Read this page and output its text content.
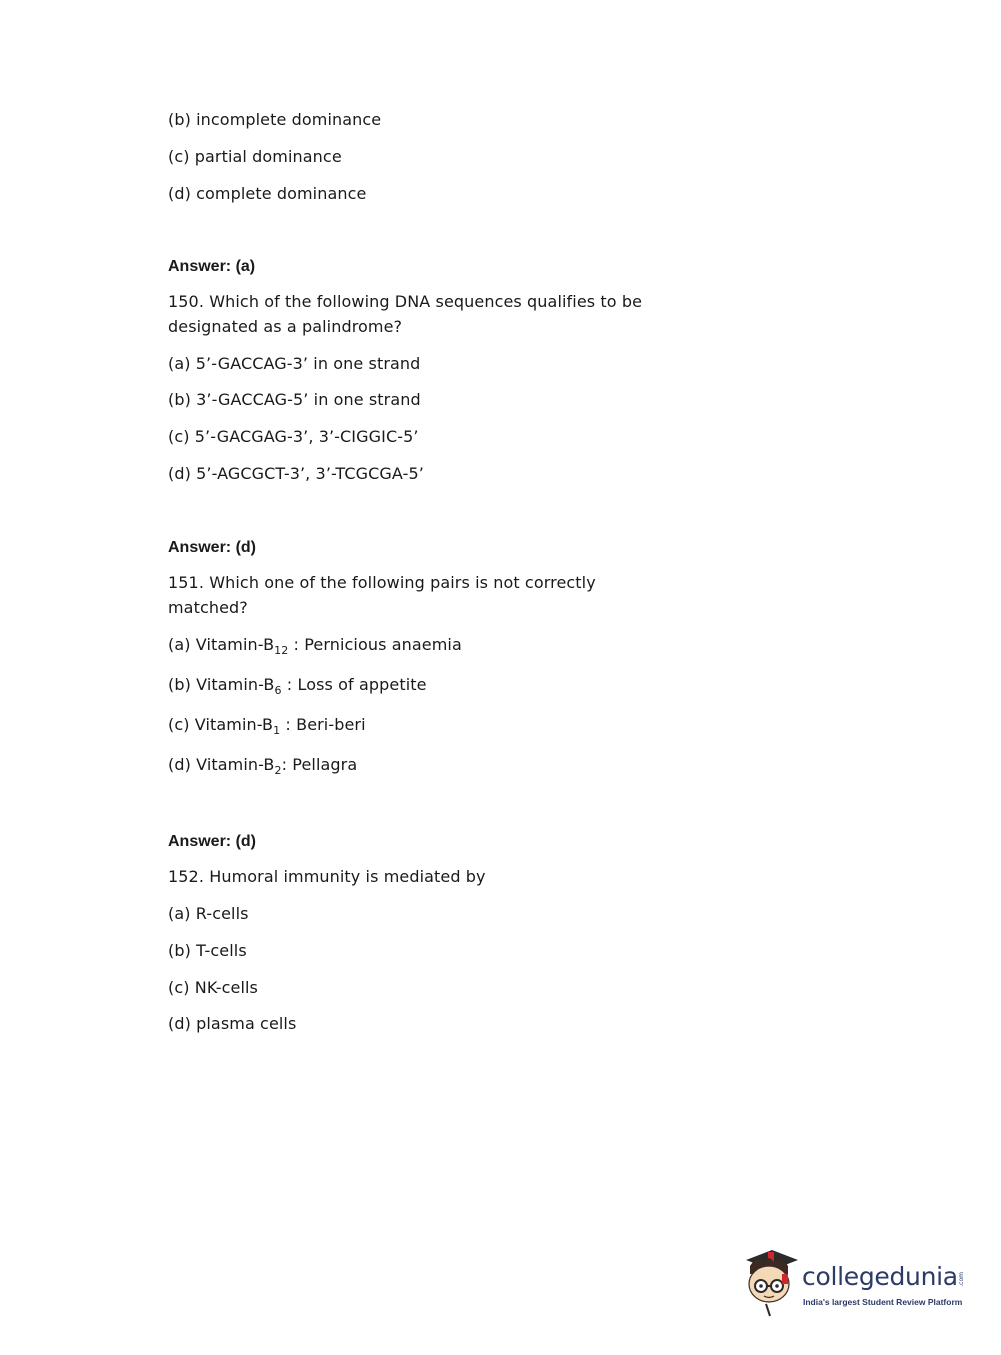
(b) incomplete dominance
(c) partial dominance
(d) complete dominance
Answer: (a)
150. Which of the following DNA sequences qualifies to be
designated as a palindrome?
(a) 5’-GACCAG-3’ in one strand
(b) 3’-GACCAG-5’ in one strand
(c) 5’-GACGAG-3’, 3’-CIGGIC-5’
(d) 5’-AGCGCT-3’, 3’-TCGCGA-5’
Answer: (d)
151. Which one of the following pairs is not correctly
matched?
(a) Vitamin-$B_{12}$ : Pernicious anaemia
(b) Vitamin-$B_6$ : Loss of appetite
(c) Vitamin-$B_1$ : Beri-beri
(d) Vitamin-$B_2$: Pellagra
Answer: (d)
152. Humoral immunity is mediated by
(a) R-cells
(b) T-cells
(c) NK-cells
(d) plasma cells
collegedunia .com
India's largest Student Review Platform
